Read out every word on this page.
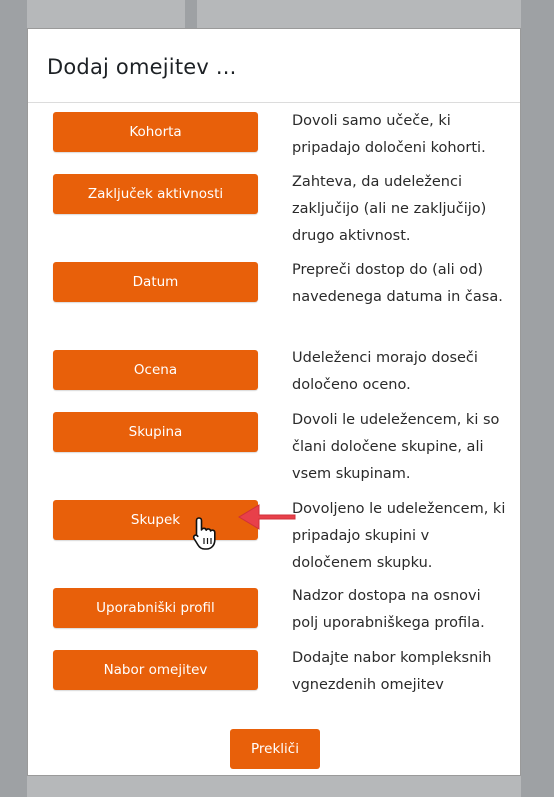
Dodaj omejitev ...
Kohorta
Dovoli samo učeče, ki pripadajo določeni kohorti.
Zaključek aktivnosti
Zahteva, da udeleženci zaključijo (ali ne zaključijo) drugo aktivnost.
Datum
Prepreči dostop do (ali od) navedenega datuma in časa.
Ocena
Udeleženci morajo doseči določeno oceno.
Skupina
Dovoli le udeležencem, ki so člani določene skupine, ali vsem skupinam.
Skupek
Dovoljeno le udeležencem, ki pripadajo skupini v določenem skupku.
Uporabniški profil
Nadzor dostopa na osnovi polj uporabniškega profila.
Nabor omejitev
Dodajte nabor kompleksnih vgnezdenih omejitev
Prekliči
